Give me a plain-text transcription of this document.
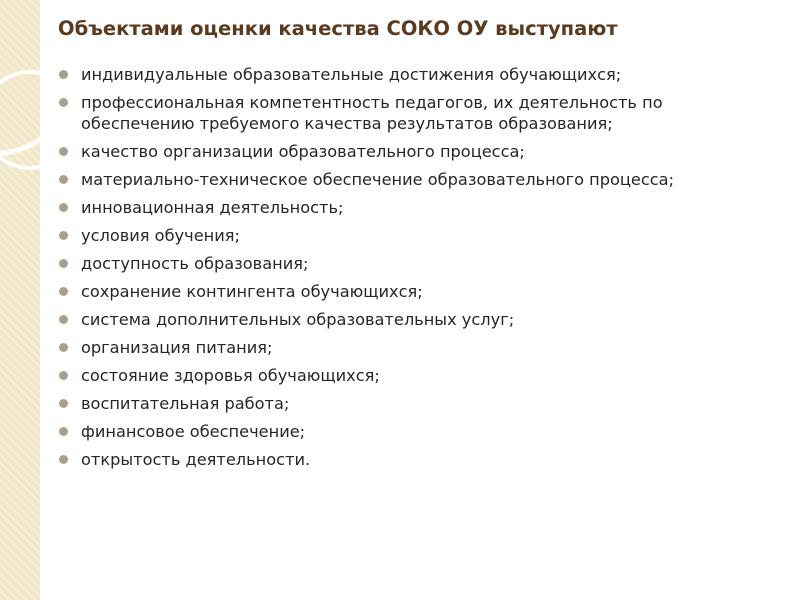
Объектами оценки качества СОКО ОУ выступают
индивидуальные образовательные достижения обучающихся;
профессиональная компетентность педагогов, их деятельность по обеспечению требуемого качества результатов образования;
качество организации образовательного процесса;
материально-техническое обеспечение образовательного процесса;
инновационная деятельность;
условия обучения;
доступность образования;
сохранение контингента обучающихся;
система дополнительных образовательных услуг;
организация питания;
состояние здоровья обучающихся;
воспитательная работа;
финансовое обеспечение;
открытость деятельности.
